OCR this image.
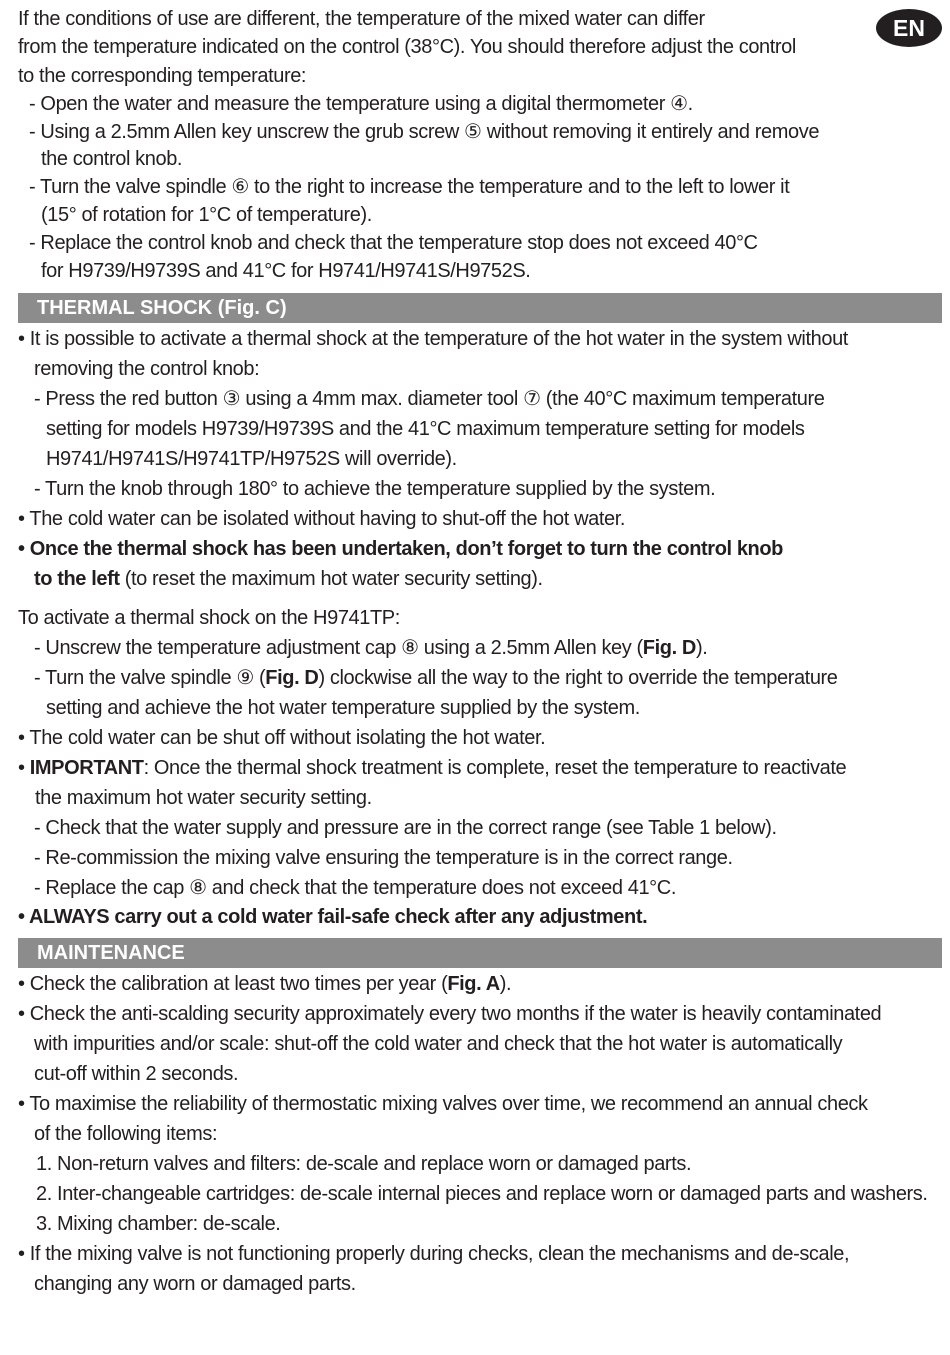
EN
If the conditions of use are different, the temperature of the mixed water can differ
from the temperature indicated on the control (38°C). You should therefore adjust the control
to the corresponding temperature:
- Open the water and measure the temperature using a digital thermometer ④.
- Using a 2.5mm Allen key unscrew the grub screw ⑤ without removing it entirely and remove
the control knob.
- Turn the valve spindle ⑥ to the right to increase the temperature and to the left to lower it
(15° of rotation for 1°C of temperature).
- Replace the control knob and check that the temperature stop does not exceed 40°C
for H9739/H9739S and 41°C for H9741/H9741S/H9752S.
THERMAL SHOCK (Fig. C)
• It is possible to activate a thermal shock at the temperature of the hot water in the system without
removing the control knob:
- Press the red button ③ using a 4mm max. diameter tool ⑦ (the 40°C maximum temperature
setting for models H9739/H9739S and the 41°C maximum temperature setting for models
H9741/H9741S/H9741TP/H9752S will override).
- Turn the knob through 180° to achieve the temperature supplied by the system.
• The cold water can be isolated without having to shut-off the hot water.
• Once the thermal shock has been undertaken, don’t forget to turn the control knob
to the left (to reset the maximum hot water security setting).
To activate a thermal shock on the H9741TP:
- Unscrew the temperature adjustment cap ⑧ using a 2.5mm Allen key (Fig. D).
- Turn the valve spindle ⑨ (Fig. D) clockwise all the way to the right to override the temperature
setting and achieve the hot water temperature supplied by the system.
• The cold water can be shut off without isolating the hot water.
• IMPORTANT: Once the thermal shock treatment is complete, reset the temperature to reactivate
the maximum hot water security setting.
- Check that the water supply and pressure are in the correct range (see Table 1 below).
- Re-commission the mixing valve ensuring the temperature is in the correct range.
- Replace the cap ⑧ and check that the temperature does not exceed 41°C.
• ALWAYS carry out a cold water fail-safe check after any adjustment.
MAINTENANCE
• Check the calibration at least two times per year (Fig. A).
• Check the anti-scalding security approximately every two months if the water is heavily contaminated
with impurities and/or scale: shut-off the cold water and check that the hot water is automatically
cut-off within 2 seconds.
• To maximise the reliability of thermostatic mixing valves over time, we recommend an annual check
of the following items:
1. Non-return valves and filters: de-scale and replace worn or damaged parts.
2. Inter-changeable cartridges: de-scale internal pieces and replace worn or damaged parts and washers.
3. Mixing chamber: de-scale.
• If the mixing valve is not functioning properly during checks, clean the mechanisms and de-scale,
changing any worn or damaged parts.
